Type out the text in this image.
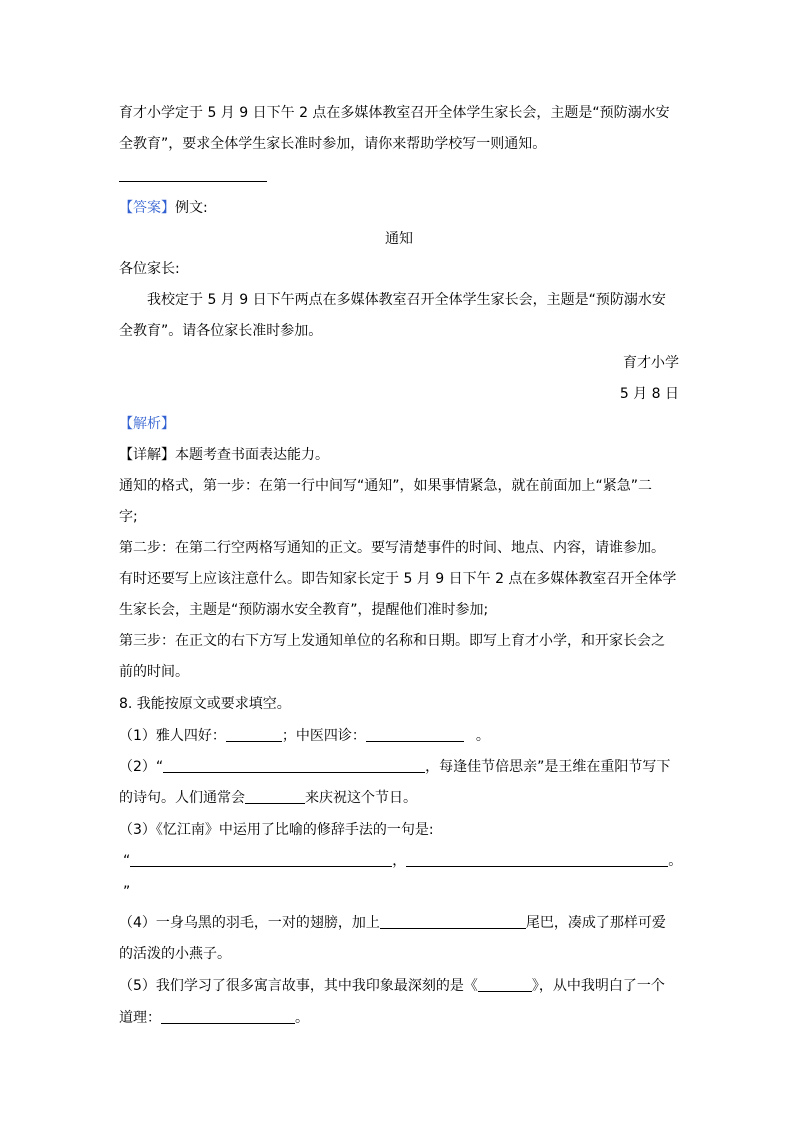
育才小学定于 5 月 9 日下午 2 点在多媒体教室召开全体学生家长会，主题是“预防溺水安
全教育”，要求全体学生家长准时参加，请你来帮助学校写一则通知。
【答案】例文:
通知
各位家长:
我校定于 5 月 9 日下午两点在多媒体教室召开全体学生家长会，主题是“预防溺水安
全教育”。请各位家长准时参加。
育才小学
5 月 8 日
【解析】
【详解】本题考查书面表达能力。
通知的格式，第一步：在第一行中间写“通知”，如果事情紧急，就在前面加上“紧急”二
字;
第二步：在第二行空两格写通知的正文。要写清楚事件的时间、地点、内容，请谁参加。
有时还要写上应该注意什么。即告知家长定于 5 月 9 日下午 2 点在多媒体教室召开全体学
生家长会，主题是“预防溺水安全教育”，提醒他们准时参加;
第三步：在正文的右下方写上发通知单位的名称和日期。即写上育才小学，和开家长会之
前的时间。
8. 我能按原文或要求填空。
（1）雅人四好：	；中医四诊：	。
（2）“	，每逢佳节倍思亲”是王维在重阳节写下
的诗句。人们通常会	来庆祝这个节日。
（3）《忆江南》中运用了比喻的修辞手法的一句是:
“	，	。
”
（4）一身乌黑的羽毛，一对的翅膀，加上	尾巴，凑成了那样可爱
的活泼的小燕子。
（5）我们学习了很多寓言故事，其中我印象最深刻的是《	》，从中我明白了一个
道理：	。
